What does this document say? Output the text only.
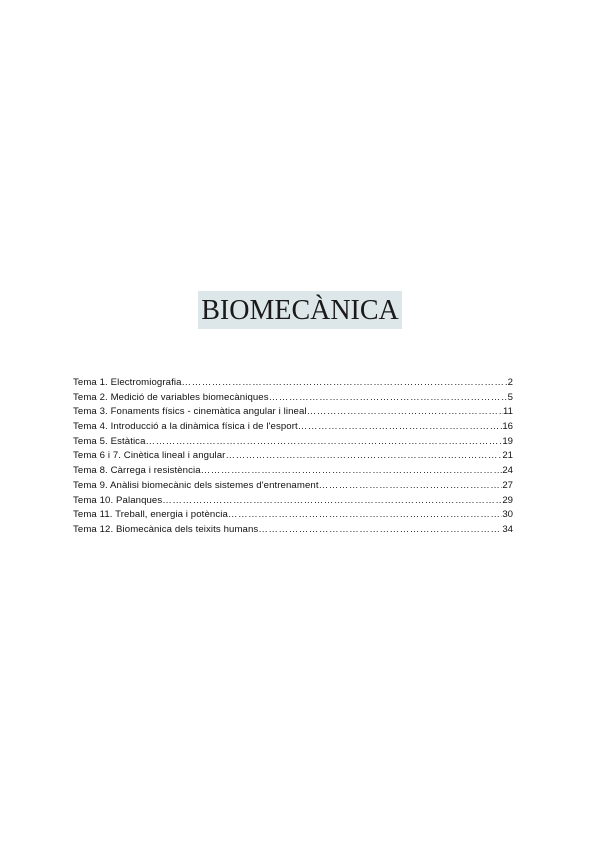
BIOMECÀNICA
Tema 1. Electromiografia …………………………………………………………………………………………………………………………………………………………………………	2
Tema 2. Medició de variables biomecàniques …………………………………………………………………………………………………………………………………………………………………………	5
Tema 3. Fonaments físics - cinemàtica angular i lineal …………………………………………………………………………………………………………………………………………………………………………	11
Tema 4. Introducció a la dinàmica física i de l'esport …………………………………………………………………………………………………………………………………………………………………………	16
Tema 5. Estàtica …………………………………………………………………………………………………………………………………………………………………………	19
Tema 6 i 7. Cinètica lineal i angular …………………………………………………………………………………………………………………………………………………………………………	21
Tema 8. Càrrega i resistència …………………………………………………………………………………………………………………………………………………………………………	24
Tema 9. Anàlisi biomecànic dels sistemes d'entrenament …………………………………………………………………………………………………………………………………………………………………………	27
Tema 10. Palanques …………………………………………………………………………………………………………………………………………………………………………	29
Tema 11. Treball, energia i potència …………………………………………………………………………………………………………………………………………………………………………	30
Tema 12. Biomecànica dels teixits humans …………………………………………………………………………………………………………………………………………………………………………	34
